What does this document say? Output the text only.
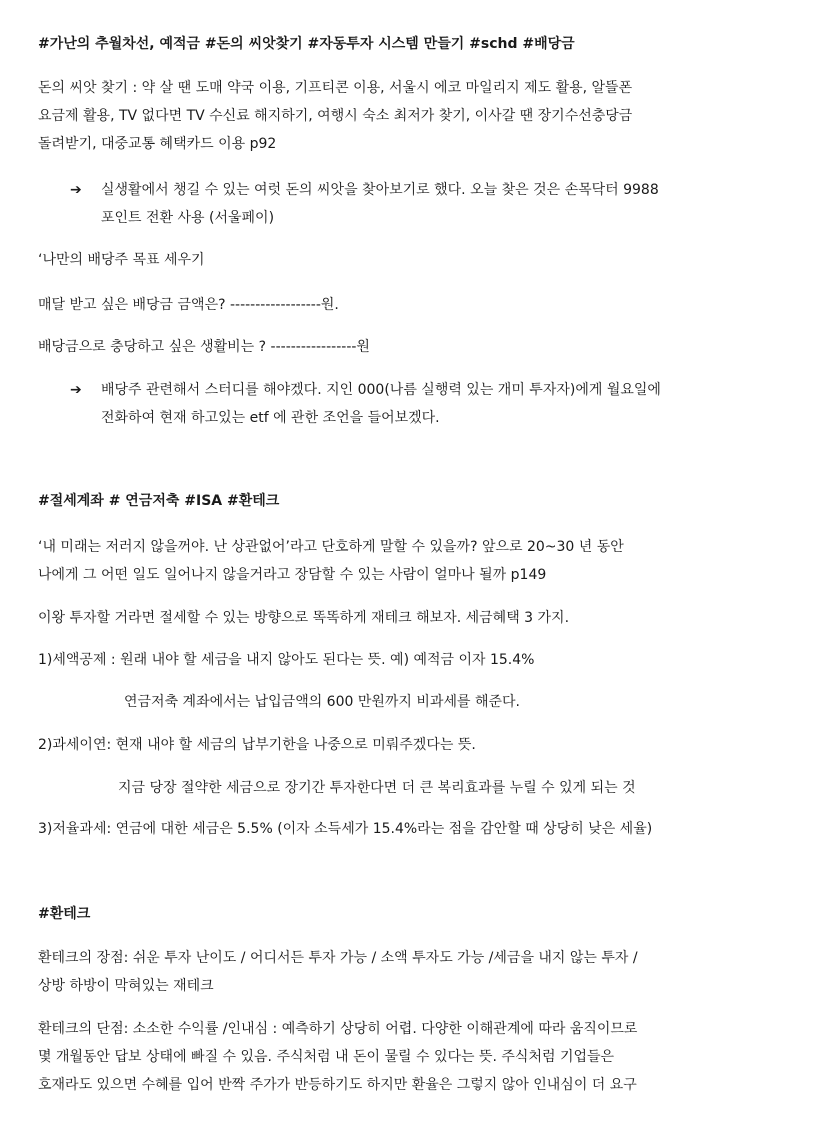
#가난의 추월차선, 예적금 #돈의 씨앗찾기 #자동투자 시스템 만들기 #schd #배당금
돈의 씨앗 찾기 : 약 살 땐 도매 약국 이용, 기프티콘 이용, 서울시 에코 마일리지 제도 활용, 알뜰폰
요금제 활용, TV 없다면 TV 수신료 해지하기, 여행시 숙소 최저가 찾기, 이사갈 땐 장기수선충당금
돌려받기, 대중교통 혜택카드 이용 p92
➔ 실생활에서 챙길 수 있는 여럿 돈의 씨앗을 찾아보기로 했다. 오늘 찾은 것은 손목닥터 9988
포인트 전환 사용 (서울페이)
‘나만의 배당주 목표 세우기
매달 받고 싶은 배당금 금액은? ------------------원.
배당금으로 충당하고 싶은 생활비는 ? -----------------원
➔ 배당주 관련해서 스터디를 해야겠다. 지인 000(나름 실행력 있는 개미 투자자)에게 월요일에
전화하여 현재 하고있는 etf 에 관한 조언을 들어보겠다.
#절세계좌 # 연금저축 #ISA #환테크
‘내 미래는 저러지 않을꺼야. 난 상관없어’라고 단호하게 말할 수 있을까? 앞으로 20~30 년 동안
나에게 그 어떤 일도 일어나지 않을거라고 장담할 수 있는 사람이 얼마나 될까 p149
이왕 투자할 거라면 절세할 수 있는 방향으로 똑똑하게 재테크 해보자. 세금혜택 3 가지.
1)세액공제 : 원래 내야 할 세금을 내지 않아도 된다는 뜻. 예) 예적금 이자 15.4%
연금저축 계좌에서는 납입금액의 600 만원까지 비과세를 해준다.
2)과세이연: 현재 내야 할 세금의 납부기한을 나중으로 미뤄주겠다는 뜻.
지금 당장 절약한 세금으로 장기간 투자한다면 더 큰 복리효과를 누릴 수 있게 되는 것
3)저율과세: 연금에 대한 세금은 5.5% (이자 소득세가 15.4%라는 점을 감안할 때 상당히 낮은 세율)
#환테크
환테크의 장점: 쉬운 투자 난이도 / 어디서든 투자 가능 / 소액 투자도 가능 /세금을 내지 않는 투자 /
상방 하방이 막혀있는 재테크
환테크의 단점: 소소한 수익률 /인내심 : 예측하기 상당히 어렵. 다양한 이해관계에 따라 움직이므로
몇 개월동안 답보 상태에 빠질 수 있음. 주식처럼 내 돈이 물릴 수 있다는 뜻. 주식처럼 기업들은
호재라도 있으면 수혜를 입어 반짝 주가가 반등하기도 하지만 환율은 그렇지 않아 인내심이 더 요구
